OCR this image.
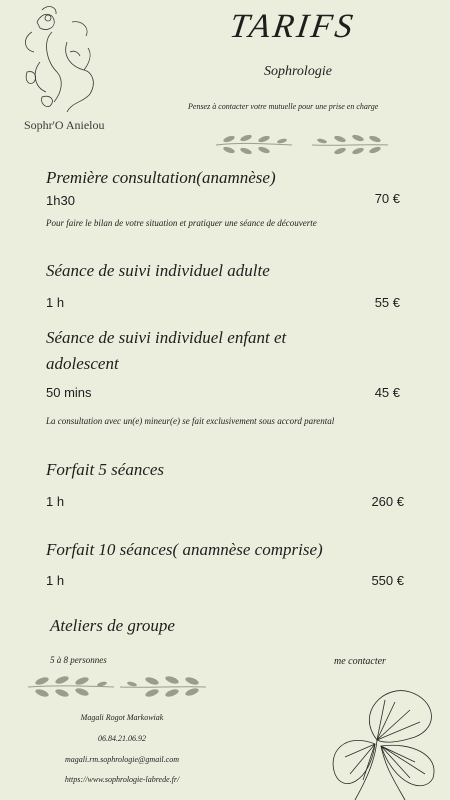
Sophr'O Anielou
TARIFS
Sophrologie
Pensez à contacter votre mutuelle pour une prise en charge
Première consultation(anamnèse)
1h30	70 €
Pour faire le bilan de votre situation et pratiquer une séance de découverte
Séance de suivi individuel adulte
1 h	55 €
Séance de suivi individuel enfant et
adolescent
50 mins	45 €
La consultation avec un(e) mineur(e) se fait exclusivement sous accord parental
Forfait 5 séances
1 h	260 €
Forfait 10 séances( anamnèse comprise)
1 h	550 €
Ateliers de groupe
5 à 8 personnes	me contacter
Magali Rogot Markowiak
06.84.21.06.92
magali.rm.sophrologie@gmail.com
https://www.sophrologie-labrede.fr/
